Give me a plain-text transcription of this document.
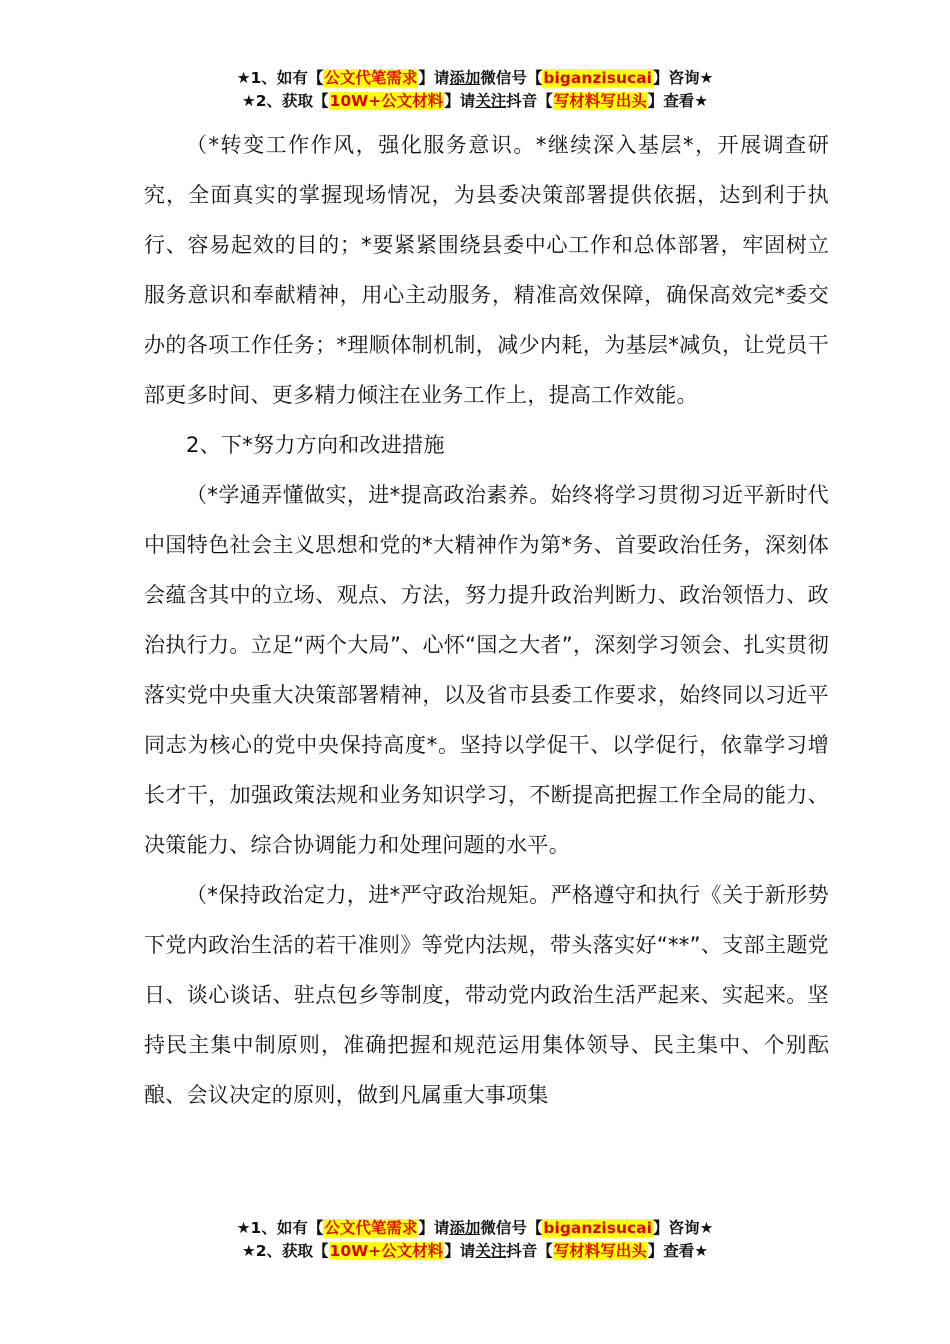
★1、如有【公文代笔需求】请添加微信号【biganzisucai】咨询★
★2、获取【10W+公文材料】请关注抖音【写材料写出头】查看★

（*转变工作作风，强化服务意识。*继续深入基层*，开展调查研究，全面真实的掌握现场情况，为县委决策部署提供依据，达到利于执行、容易起效的目的；*要紧紧围绕县委中心工作和总体部署，牢固树立服务意识和奉献精神，用心主动服务，精准高效保障，确保高效完*委交办的各项工作任务；*理顺体制机制，减少内耗，为基层*减负，让党员干部更多时间、更多精力倾注在业务工作上，提高工作效能。

2、下*努力方向和改进措施

（*学通弄懂做实，进*提高政治素养。始终将学习贯彻习近平新时代中国特色社会主义思想和党的*大精神作为第*务、首要政治任务，深刻体会蕴含其中的立场、观点、方法，努力提升政治判断力、政治领悟力、政治执行力。立足“两个大局”、心怀“国之大者”，深刻学习领会、扎实贯彻落实党中央重大决策部署精神，以及省市县委工作要求，始终同以习近平同志为核心的党中央保持高度*。坚持以学促干、以学促行，依靠学习增长才干，加强政策法规和业务知识学习，不断提高把握工作全局的能力、决策能力、综合协调能力和处理问题的水平。

（*保持政治定力，进*严守政治规矩。严格遵守和执行《关于新形势下党内政治生活的若干准则》等党内法规，带头落实好“**”、支部主题党日、谈心谈话、驻点包乡等制度，带动党内政治生活严起来、实起来。坚持民主集中制原则，准确把握和规范运用集体领导、民主集中、个别酝酿、会议决定的原则，做到凡属重大事项集

★1、如有【公文代笔需求】请添加微信号【biganzisucai】咨询★
★2、获取【10W+公文材料】请关注抖音【写材料写出头】查看★
